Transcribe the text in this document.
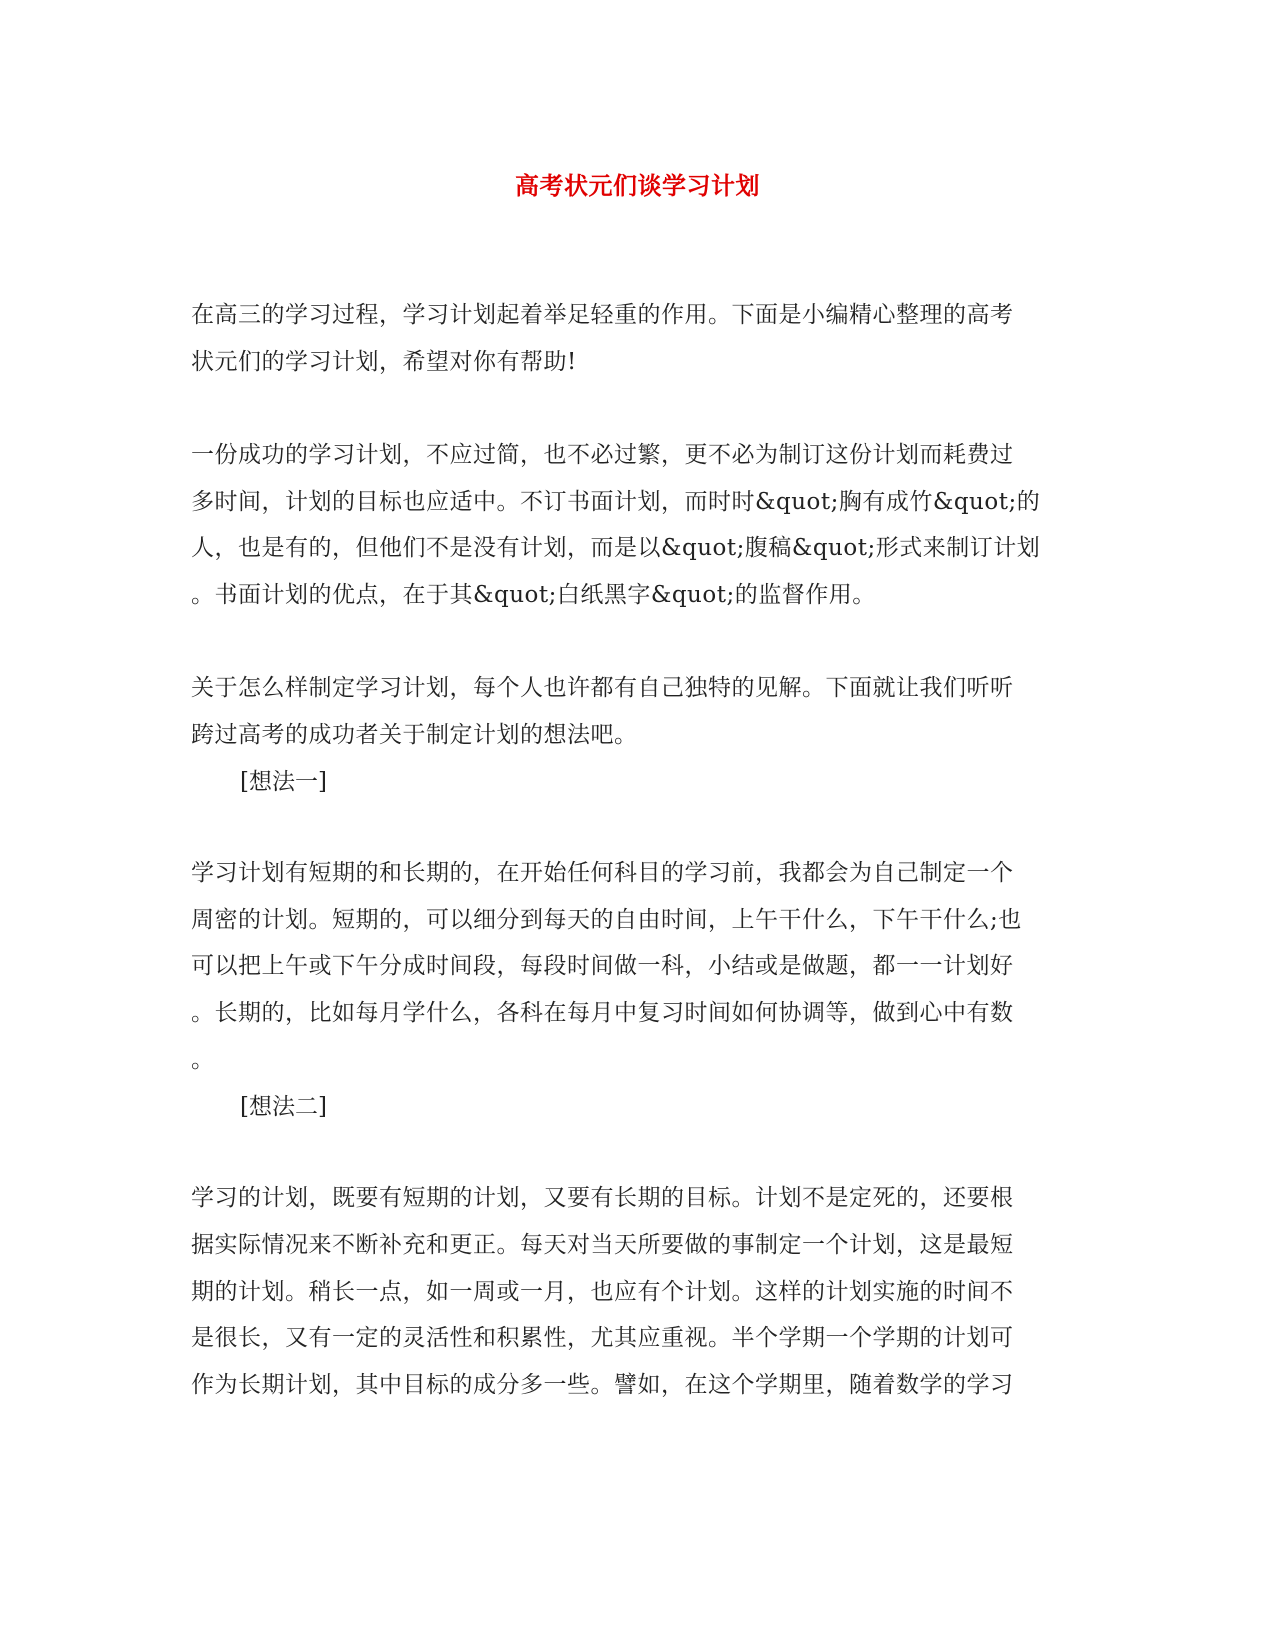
高考状元们谈学习计划
在高三的学习过程，学习计划起着举足轻重的作用。下面是小编精心整理的高考
状元们的学习计划，希望对你有帮助!
一份成功的学习计划，不应过简，也不必过繁，更不必为制订这份计划而耗费过
多时间，计划的目标也应适中。不订书面计划，而时时&quot;胸有成竹&quot;的
人，也是有的，但他们不是没有计划，而是以&quot;腹稿&quot;形式来制订计划
。书面计划的优点，在于其&quot;白纸黑字&quot;的监督作用。
关于怎么样制定学习计划，每个人也许都有自己独特的见解。下面就让我们听听
跨过高考的成功者关于制定计划的想法吧。
[想法一]
学习计划有短期的和长期的，在开始任何科目的学习前，我都会为自己制定一个
周密的计划。短期的，可以细分到每天的自由时间，上午干什么，下午干什么;也
可以把上午或下午分成时间段，每段时间做一科，小结或是做题，都一一计划好
。长期的，比如每月学什么，各科在每月中复习时间如何协调等，做到心中有数
。
[想法二]
学习的计划，既要有短期的计划，又要有长期的目标。计划不是定死的，还要根
据实际情况来不断补充和更正。每天对当天所要做的事制定一个计划，这是最短
期的计划。稍长一点，如一周或一月，也应有个计划。这样的计划实施的时间不
是很长，又有一定的灵活性和积累性，尤其应重视。半个学期一个学期的计划可
作为长期计划，其中目标的成分多一些。譬如，在这个学期里，随着数学的学习
